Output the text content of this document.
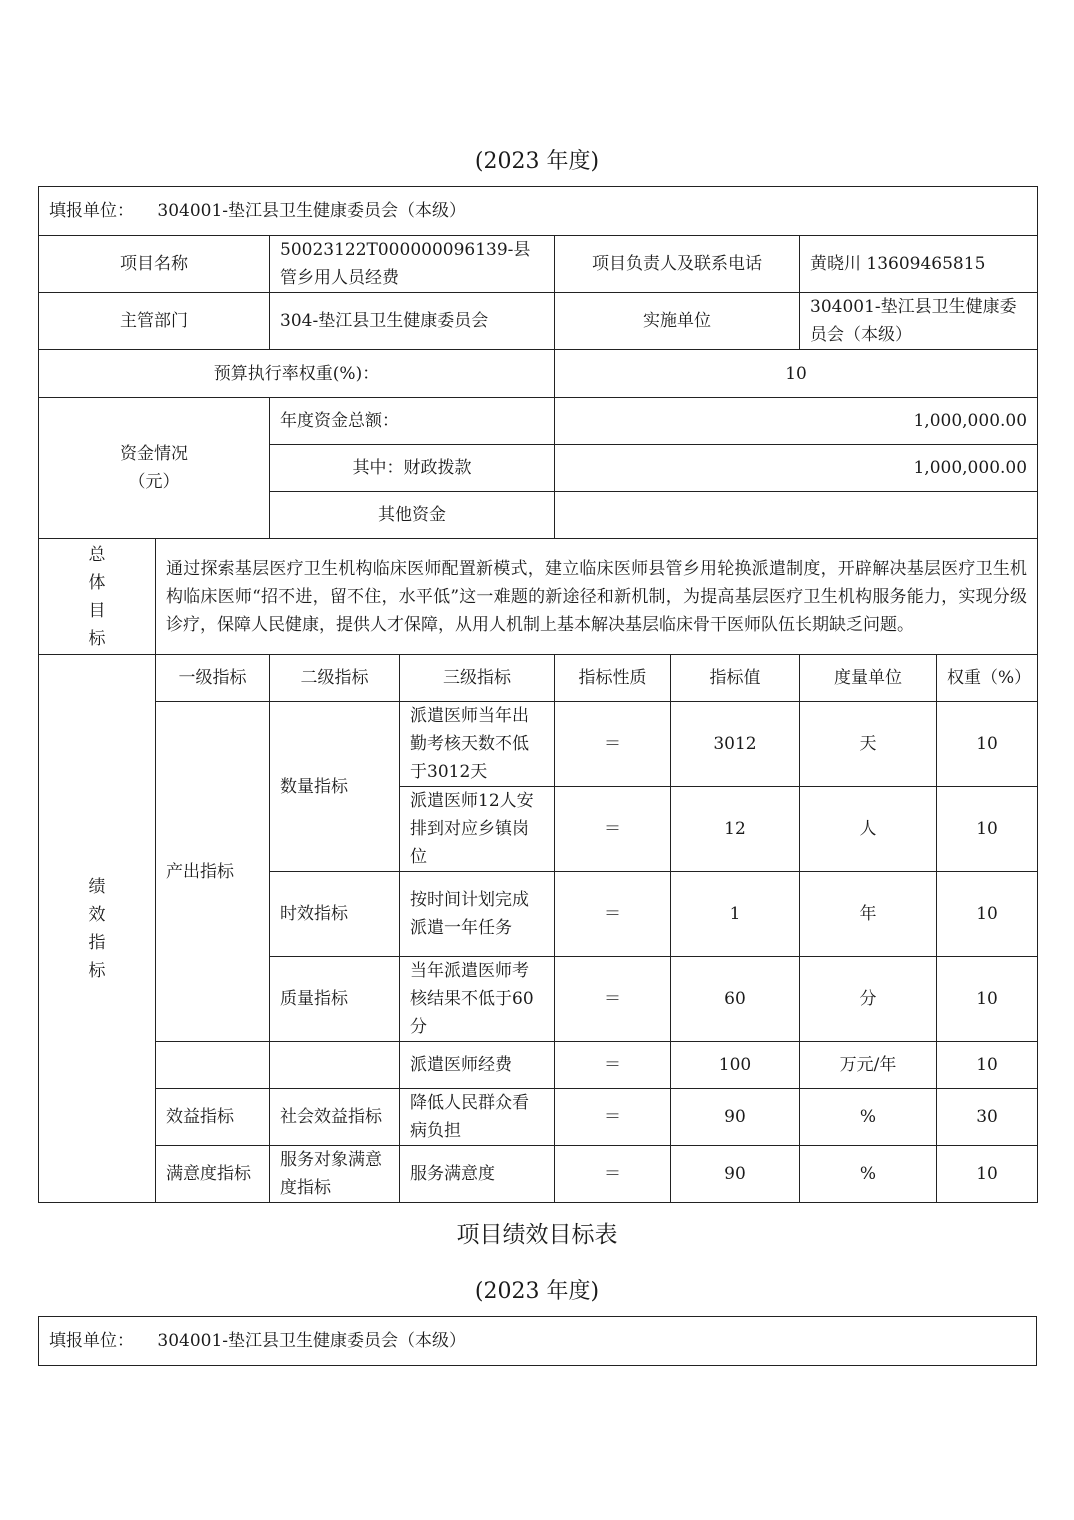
(2023 年度)
填报单位： 304001-垫江县卫生健康委员会（本级）							
项目名称		50023122T000000096139-县管乡用人员经费		项目负责人及联系电话		黄晓川 13609465815	
主管部门		304-垫江县卫生健康委员会		实施单位		304001-垫江县卫生健康委员会（本级）	
预算执行率权重(%)：				10			

资金情况（元）		年度资金总额：		1,000,000.00			
		其中：财政拨款		1,000,000.00			
		其他资金					

总体目标	通过探索基层医疗卫生机构临床医师配置新模式，建立临床医师县管乡用轮换派遣制度，开辟解决基层医疗卫生机构临床医师“招不进，留不住，水平低”这一难题的新途径和新机制，为提高基层医疗卫生机构服务能力，实现分级诊疗，保障人民健康，提供人才保障，从用人机制上基本解决基层临床骨干医师队伍长期缺乏问题。						

绩效指标	一级指标	二级指标	三级指标	指标性质	指标值	度量单位	权重（%）
	产出指标	数量指标	派遣医师当年出勤考核天数不低于3012天	＝	3012	天	10
			派遣医师12人安排到对应乡镇岗位	＝	12	人	10
		时效指标	按时间计划完成派遣一年任务	＝	1	年	10
		质量指标	当年派遣医师考核结果不低于60分	＝	60	分	10
			派遣医师经费	＝	100	万元/年	10
	效益指标	社会效益指标	降低人民群众看病负担	＝	90	%	30
	满意度指标	服务对象满意度指标	服务满意度	＝	90	%	10
项目绩效目标表
(2023 年度)
填报单位： 304001-垫江县卫生健康委员会（本级）
